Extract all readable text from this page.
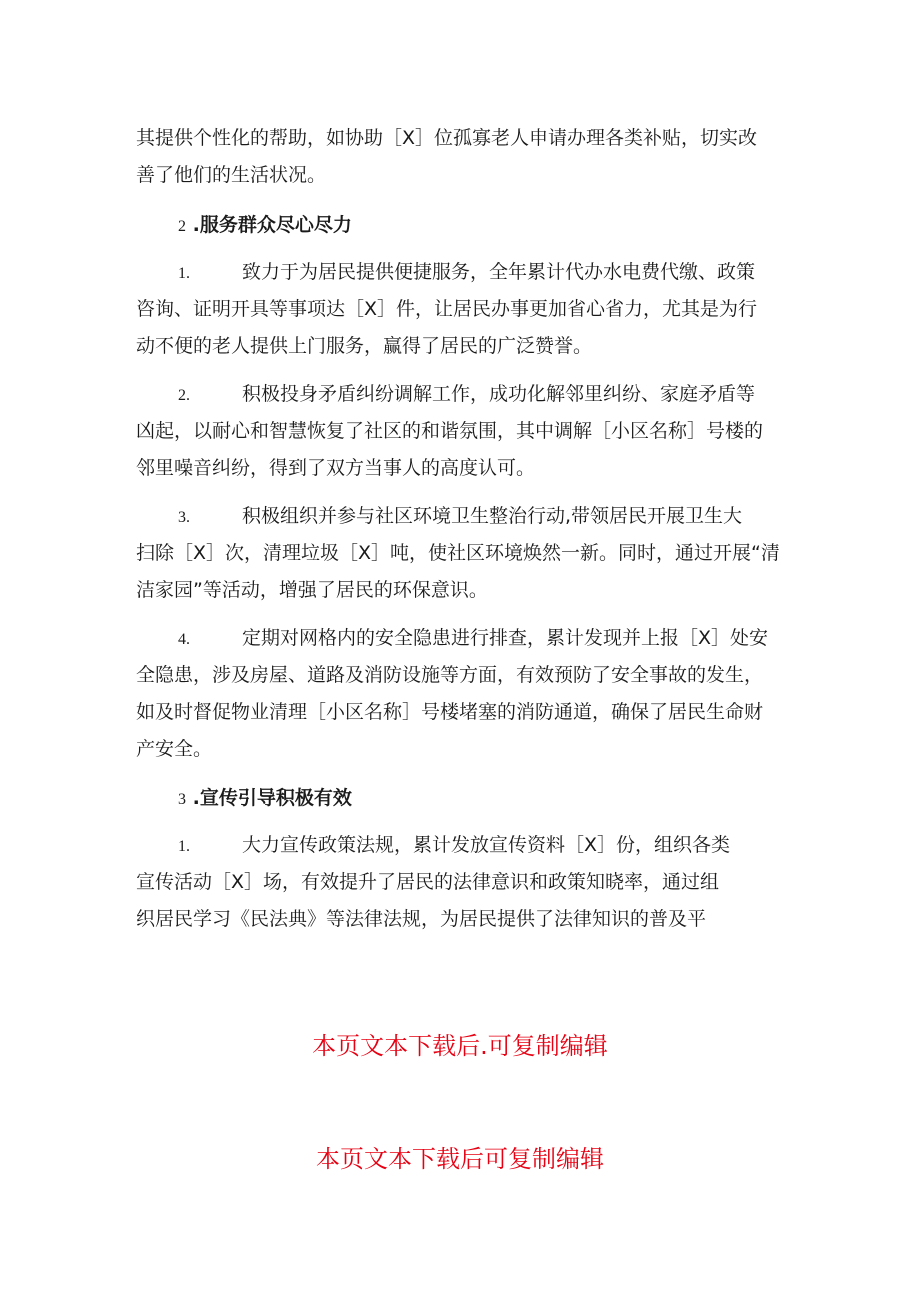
其提供个性化的帮助，如协助［X］位孤寡老人申请办理各类补贴，切实改
善了他们的生活状况。
2 .服务群众尽心尽力
1.	致力于为居民提供便捷服务，全年累计代办水电费代缴、政策
咨询、证明开具等事项达［X］件，让居民办事更加省心省力，尤其是为行
动不便的老人提供上门服务，赢得了居民的广泛赞誉。
2.	积极投身矛盾纠纷调解工作，成功化解邻里纠纷、家庭矛盾等
凶起，以耐心和智慧恢复了社区的和谐氛围，其中调解［小区名称］号楼的
邻里噪音纠纷，得到了双方当事人的高度认可。
3.	积极组织并参与社区环境卫生整治行动,带领居民开展卫生大
扫除［X］次，清理垃圾［X］吨，使社区环境焕然一新。同时，通过开展“清
洁家园”等活动，增强了居民的环保意识。
4.	定期对网格内的安全隐患进行排查，累计发现并上报［X］处安
全隐患，涉及房屋、道路及消防设施等方面，有效预防了安全事故的发生，
如及时督促物业清理［小区名称］号楼堵塞的消防通道，确保了居民生命财
产安全。
3 .宣传引导积极有效
1.	大力宣传政策法规，累计发放宣传资料［X］份，组织各类
宣传活动［X］场，有效提升了居民的法律意识和政策知晓率，通过组
织居民学习《民法典》等法律法规，为居民提供了法律知识的普及平
本页文本下载后.可复制编辑
本页文本下载后可复制编辑
